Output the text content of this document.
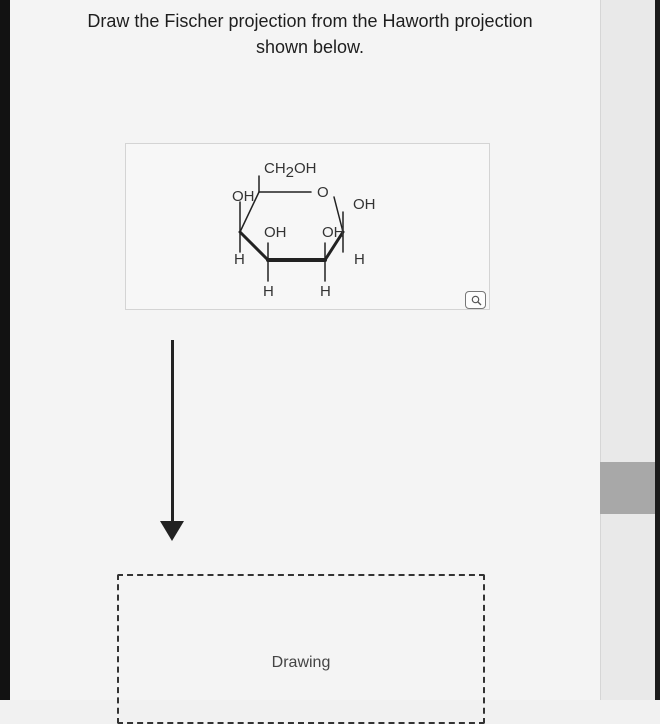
Draw the Fischer projection from the Haworth projection
shown below.
CH2OH
O
OH
H
OH
H
OH
H
OH
H
Drawing
